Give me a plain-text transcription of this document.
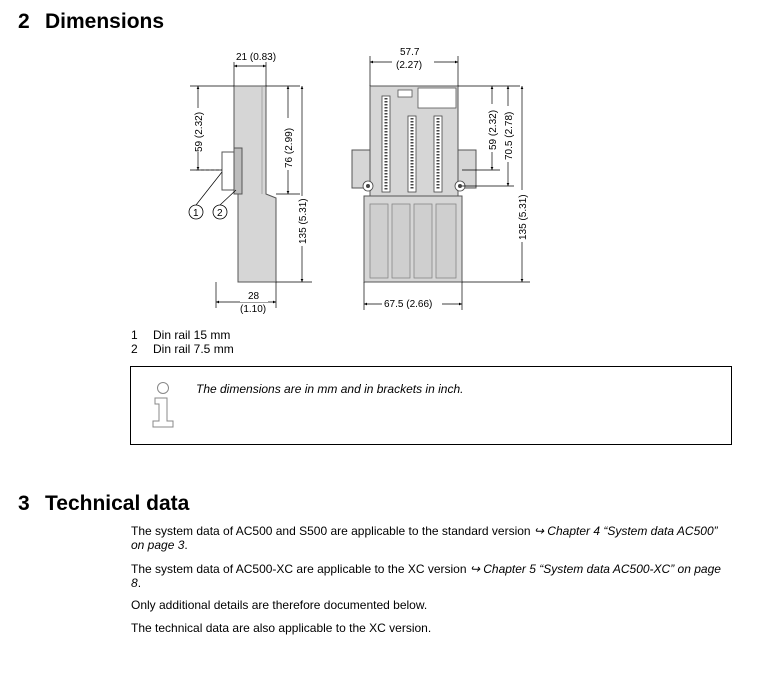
2 Dimensions
21 (0.83)
59 (2.32)	76 (2.99)
135 (5.31)
28
(1.10)
1 2
57.7
(2.27)
59 (2.32) 70.5 (2.78)
135 (5.31)
67.5 (2.66)
1	Din rail 15 mm
2	Din rail 7.5 mm
The dimensions are in mm and in brackets in inch.
3 Technical data
The system data of AC500 and S500 are applicable to the standard version ↪ Chapter 4 “System data AC500” on page 3.
The system data of AC500-XC are applicable to the XC version ↪ Chapter 5 “System data AC500-XC” on page 8.
Only additional details are therefore documented below.
The technical data are also applicable to the XC version.
